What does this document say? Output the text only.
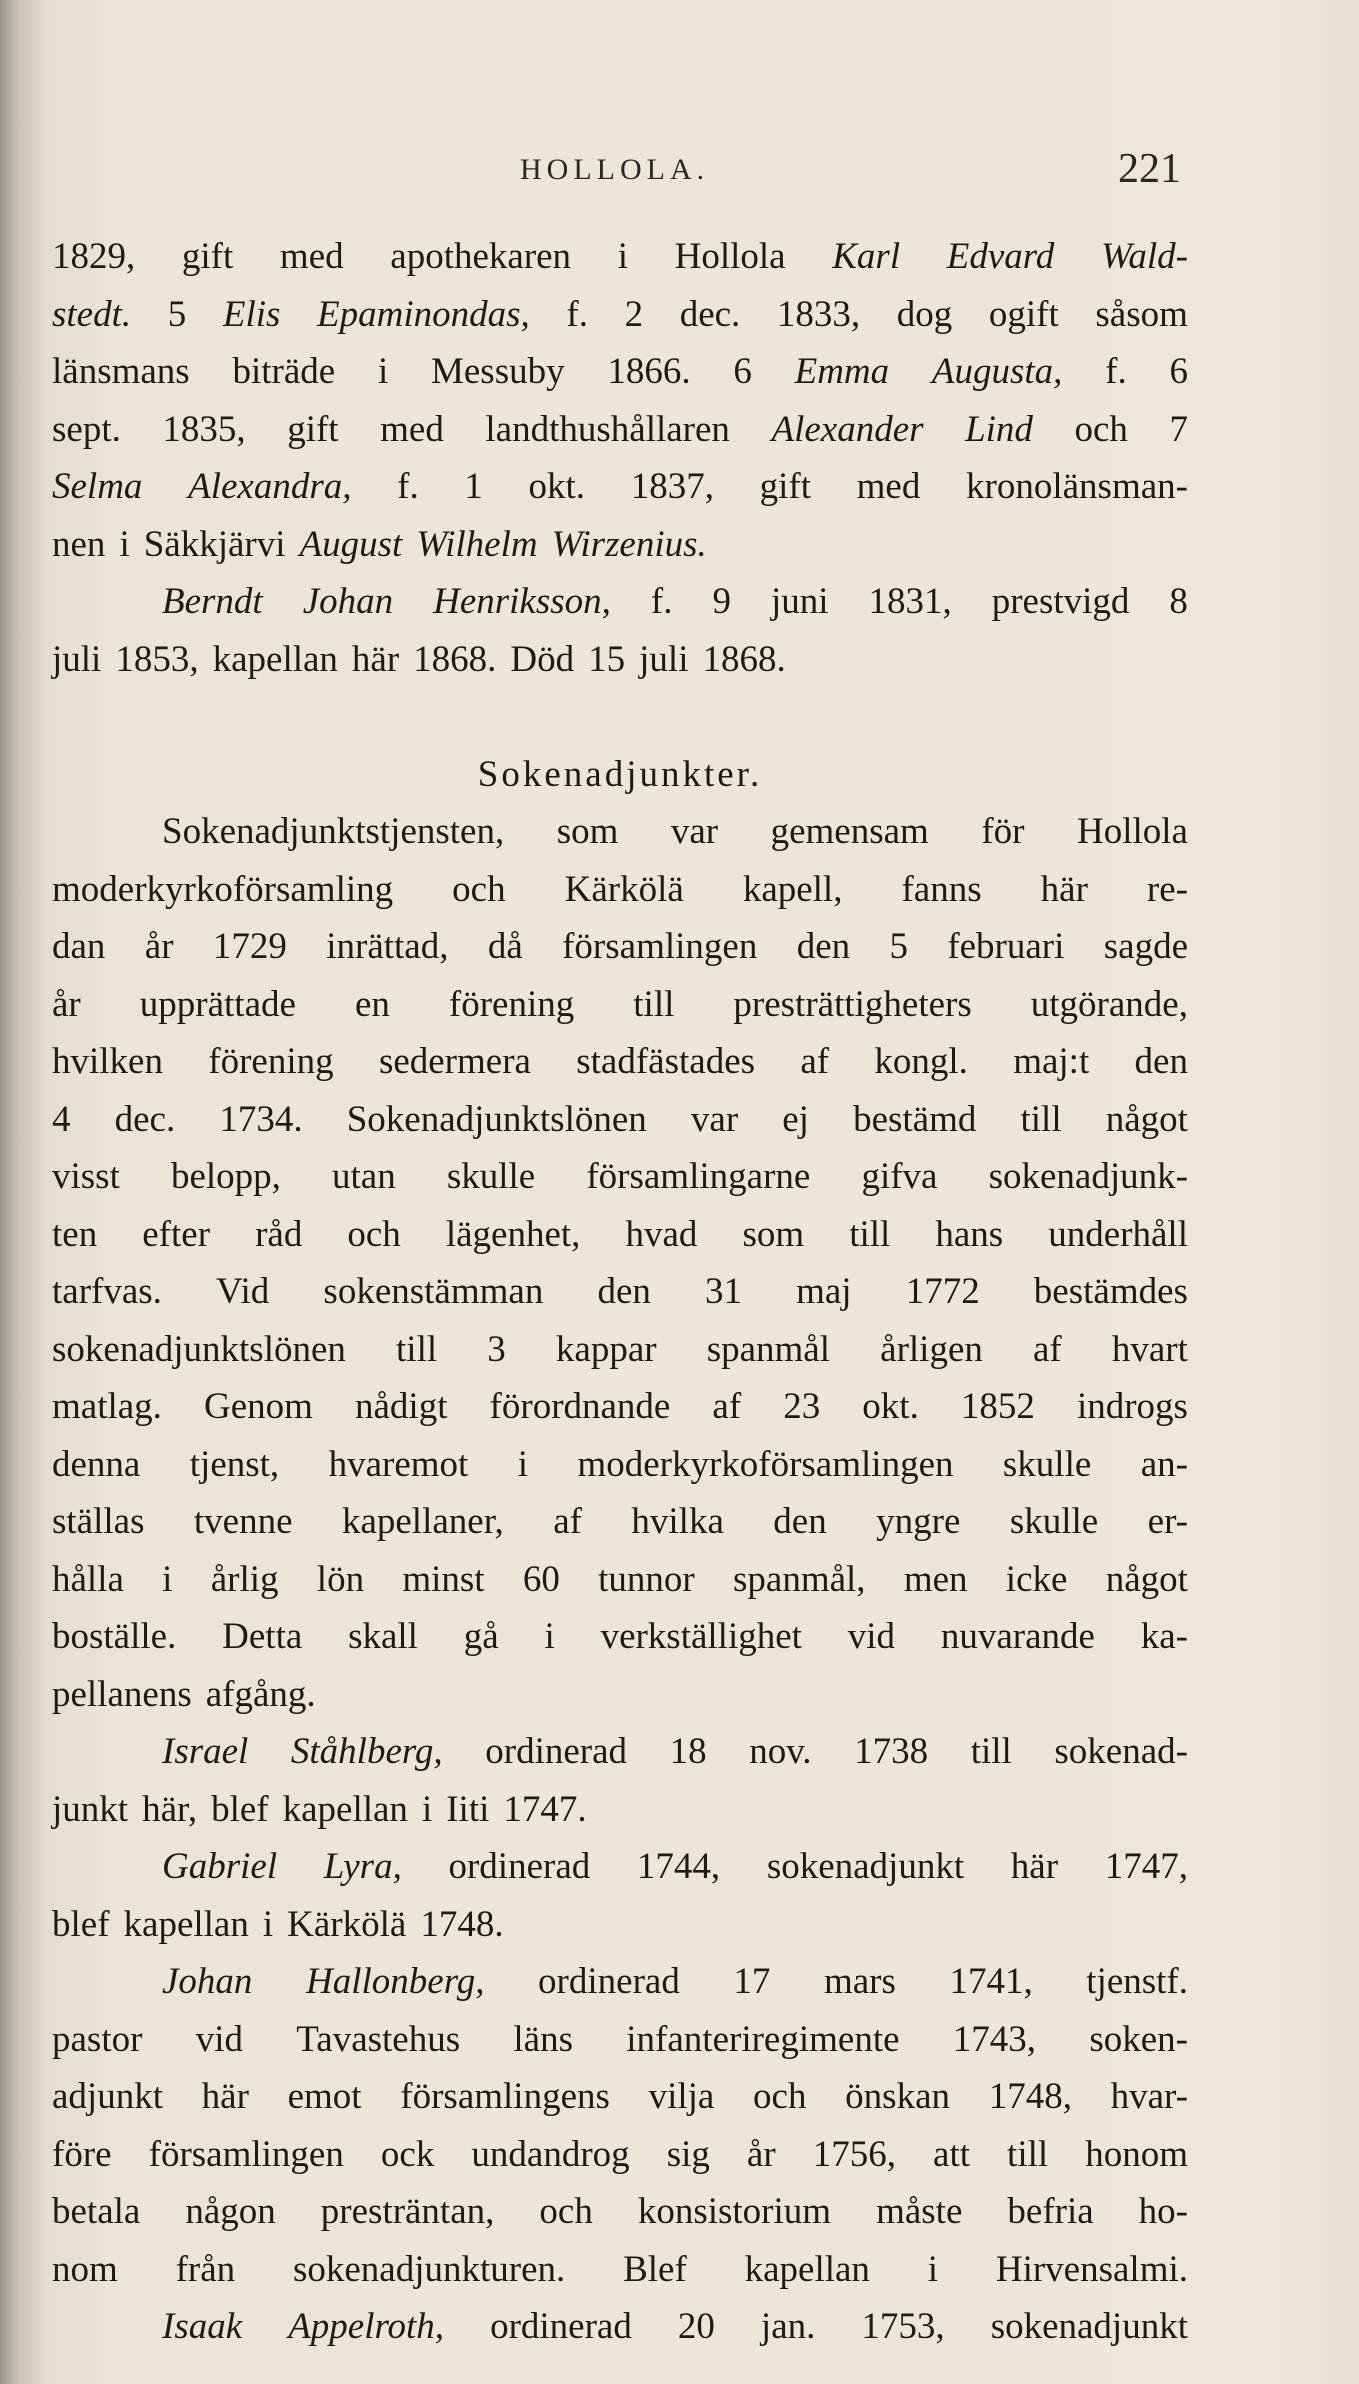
HOLLOLA.	221
1829, gift med apothekaren i Hollola Karl Edvard Wald-
stedt. 5 Elis Epaminondas, f. 2 dec. 1833, dog ogift såsom
länsmans biträde i Messuby 1866. 6 Emma Augusta, f. 6
sept. 1835, gift med landthushållaren Alexander Lind och 7
Selma Alexandra, f. 1 okt. 1837, gift med kronolänsman-
nen i Säkkjärvi August Wilhelm Wirzenius.
Berndt Johan Henriksson, f. 9 juni 1831, prestvigd 8
juli 1853, kapellan här 1868. Död 15 juli 1868.
Sokenadjunkter.
Sokenadjunktstjensten, som var gemensam för Hollola
moderkyrkoförsamling och Kärkölä kapell, fanns här re-
dan år 1729 inrättad, då församlingen den 5 februari sagde
år upprättade en förening till presträttigheters utgörande,
hvilken förening sedermera stadfästades af kongl. maj:t den
4 dec. 1734. Sokenadjunktslönen var ej bestämd till något
visst belopp, utan skulle församlingarne gifva sokenadjunk-
ten efter råd och lägenhet, hvad som till hans underhåll
tarfvas. Vid sokenstämman den 31 maj 1772 bestämdes
sokenadjunktslönen till 3 kappar spanmål årligen af hvart
matlag. Genom nådigt förordnande af 23 okt. 1852 indrogs
denna tjenst, hvaremot i moderkyrkoförsamlingen skulle an-
ställas tvenne kapellaner, af hvilka den yngre skulle er-
hålla i årlig lön minst 60 tunnor spanmål, men icke något
boställe. Detta skall gå i verkställighet vid nuvarande ka-
pellanens afgång.
Israel Ståhlberg, ordinerad 18 nov. 1738 till sokenad-
junkt här, blef kapellan i Iiti 1747.
Gabriel Lyra, ordinerad 1744, sokenadjunkt här 1747,
blef kapellan i Kärkölä 1748.
Johan Hallonberg, ordinerad 17 mars 1741, tjenstf.
pastor vid Tavastehus läns infanteriregimente 1743, soken-
adjunkt här emot församlingens vilja och önskan 1748, hvar-
före församlingen ock undandrog sig år 1756, att till honom
betala någon presträntan, och konsistorium måste befria ho-
nom från sokenadjunkturen. Blef kapellan i Hirvensalmi.
Isaak Appelroth, ordinerad 20 jan. 1753, sokenadjunkt
